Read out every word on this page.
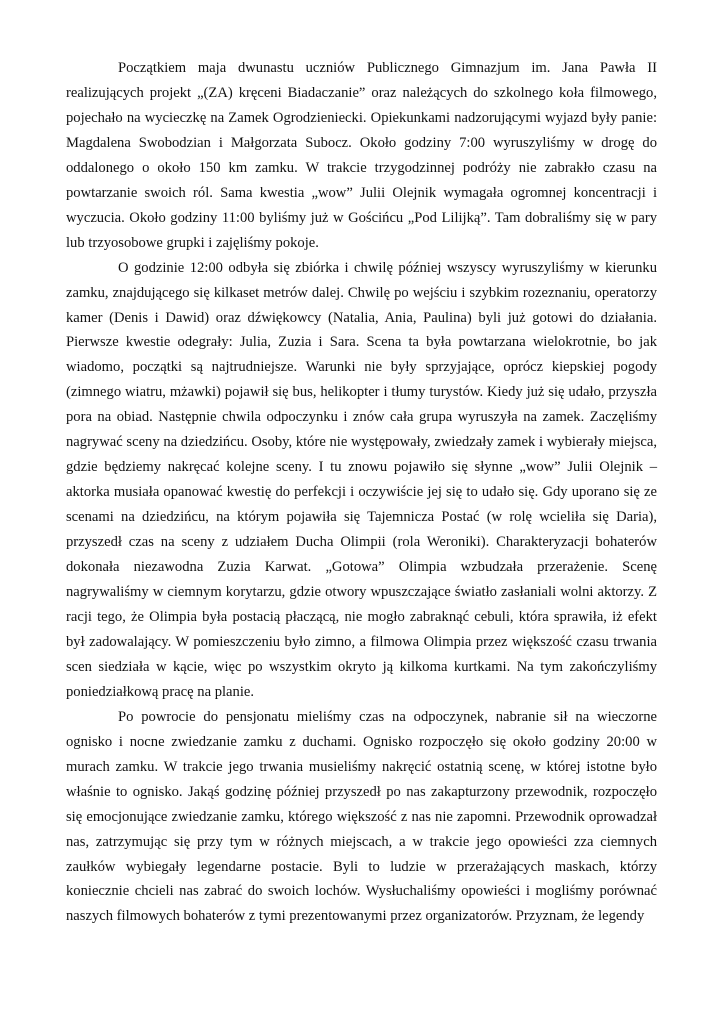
Początkiem maja dwunastu uczniów Publicznego Gimnazjum im. Jana Pawła II realizujących projekt „(ZA) kręceni Biadaczanie” oraz należących do szkolnego koła filmowego, pojechało na wycieczkę na Zamek Ogrodzieniecki. Opiekunkami nadzorującymi wyjazd były panie: Magdalena Swobodzian i Małgorzata Subocz. Około godziny 7:00 wyruszyliśmy w drogę do oddalonego o około 150 km zamku. W trakcie trzygodzinnej podróży nie zabrakło czasu na powtarzanie swoich ról. Sama kwestia „wow” Julii Olejnik wymagała ogromnej koncentracji i wyczucia. Około godziny 11:00 byliśmy już w Gościńcu „Pod Lilijką”. Tam dobraliśmy się w pary lub trzyosobowe grupki i zajęliśmy pokoje.

O godzinie 12:00 odbyła się zbiórka i chwilę później wszyscy wyruszyliśmy w kierunku zamku, znajdującego się kilkaset metrów dalej. Chwilę po wejściu i szybkim rozeznaniu, operatorzy kamer (Denis i Dawid) oraz dźwiękowcy (Natalia, Ania, Paulina) byli już gotowi do działania. Pierwsze kwestie odegrały: Julia, Zuzia i Sara. Scena ta była powtarzana wielokrotnie, bo jak wiadomo, początki są najtrudniejsze. Warunki nie były sprzyjające, oprócz kiepskiej pogody (zimnego wiatru, mżawki) pojawił się bus, helikopter i tłumy turystów. Kiedy już się udało, przyszła pora na obiad. Następnie chwila odpoczynku i znów cała grupa wyruszyła na zamek. Zaczęliśmy nagrywać sceny na dziedzińcu. Osoby, które nie występowały, zwiedzały zamek i wybierały miejsca, gdzie będziemy nakręcać kolejne sceny. I tu znowu pojawiło się słynne „wow” Julii Olejnik – aktorka musiała opanować kwestię do perfekcji i oczywiście jej się to udało się. Gdy uporano się ze scenami na dziedzińcu, na którym pojawiła się Tajemnicza Postać (w rolę wcieliła się Daria), przyszedł czas na sceny z udziałem Ducha Olimpii (rola Weroniki). Charakteryzacji bohaterów dokonała niezawodna Zuzia Karwat. „Gotowa” Olimpia wzbudzała przerażenie. Scenę nagrywaliśmy w ciemnym korytarzu, gdzie otwory wpuszczające światło zasłaniali wolni aktorzy. Z racji tego, że Olimpia była postacią płaczącą, nie mogło zabraknąć cebuli, która sprawiła, iż efekt był zadowalający. W pomieszczeniu było zimno, a filmowa Olimpia przez większość czasu trwania scen siedziała w kącie, więc po wszystkim okryto ją kilkoma kurtkami. Na tym zakończyliśmy poniedziałkową pracę na planie.

Po powrocie do pensjonatu mieliśmy czas na odpoczynek, nabranie sił na wieczorne ognisko i nocne zwiedzanie zamku z duchami. Ognisko rozpoczęło się około godziny 20:00 w murach zamku. W trakcie jego trwania musieliśmy nakręcić ostatnią scenę, w której istotne było właśnie to ognisko. Jakąś godzinę później przyszedł po nas zakapturzony przewodnik, rozpoczęło się emocjonujące zwiedzanie zamku, którego większość z nas nie zapomni. Przewodnik oprowadzał nas, zatrzymując się przy tym w różnych miejscach, a w trakcie jego opowieści zza ciemnych zaułków wybiegały legendarne postacie. Byli to ludzie w przerażających maskach, którzy koniecznie chcieli nas zabrać do swoich lochów. Wysłuchaliśmy opowieści i mogliśmy porównać naszych filmowych bohaterów z tymi prezentowanymi przez organizatorów. Przyznam, że legendy
